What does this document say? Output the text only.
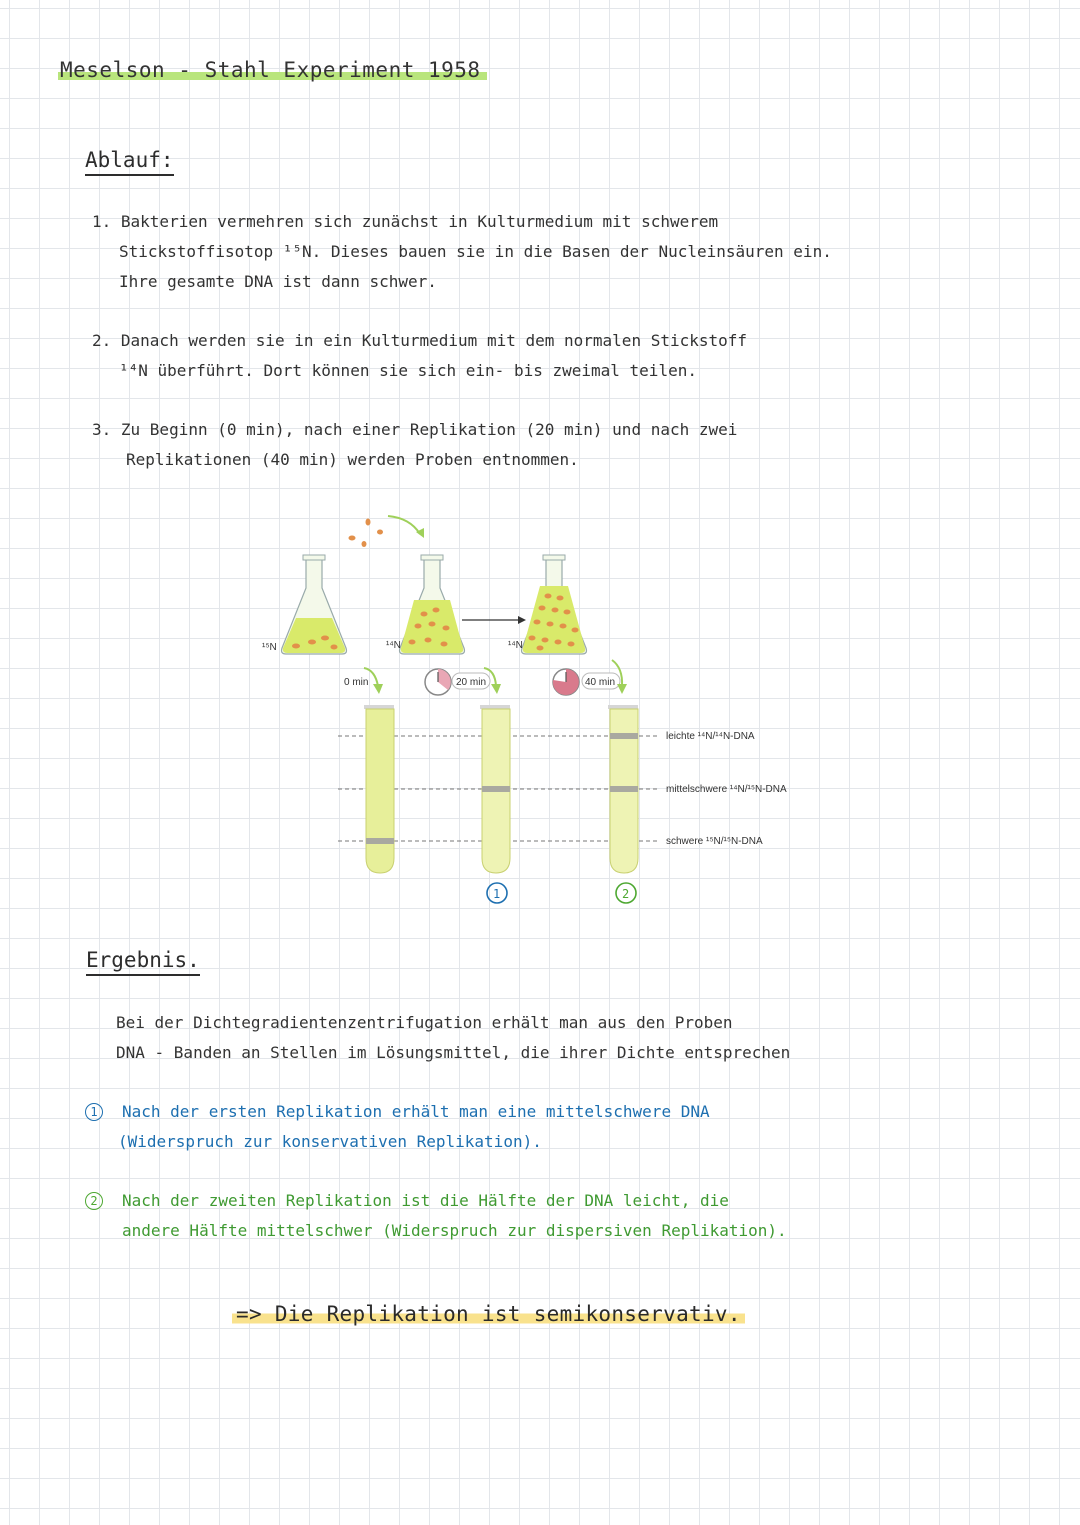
Meselson - Stahl Experiment 1958
Ablauf:
1. Bakterien vermehren sich zunächst in Kulturmedium mit schwerem
Stickstoffisotop ¹⁵N. Dieses bauen sie in die Basen der Nucleinsäuren ein.
Ihre gesamte DNA ist dann schwer.
2. Danach werden sie in ein Kulturmedium mit dem normalen Stickstoff
¹⁴N überführt. Dort können sie sich ein- bis zweimal teilen.
3. Zu Beginn (0 min), nach einer Replikation (20 min) und nach zwei
Replikationen (40 min) werden Proben entnommen.
¹⁵N	¹⁴N	¹⁴N
0 min	20 min	40 min
leichte ¹⁴N/¹⁴N-DNA
mittelschwere ¹⁴N/¹⁵N-DNA
schwere ¹⁵N/¹⁵N-DNA
1	2
Ergebnis.
Bei der Dichtegradientenzentrifugation erhält man aus den Proben
DNA - Banden an Stellen im Lösungsmittel, die ihrer Dichte entsprechen
1	Nach der ersten Replikation erhält man eine mittelschwere DNA
(Widerspruch zur konservativen Replikation).
2	Nach der zweiten Replikation ist die Hälfte der DNA leicht, die
andere Hälfte mittelschwer (Widerspruch zur dispersiven Replikation).
=> Die Replikation ist semikonservativ.
